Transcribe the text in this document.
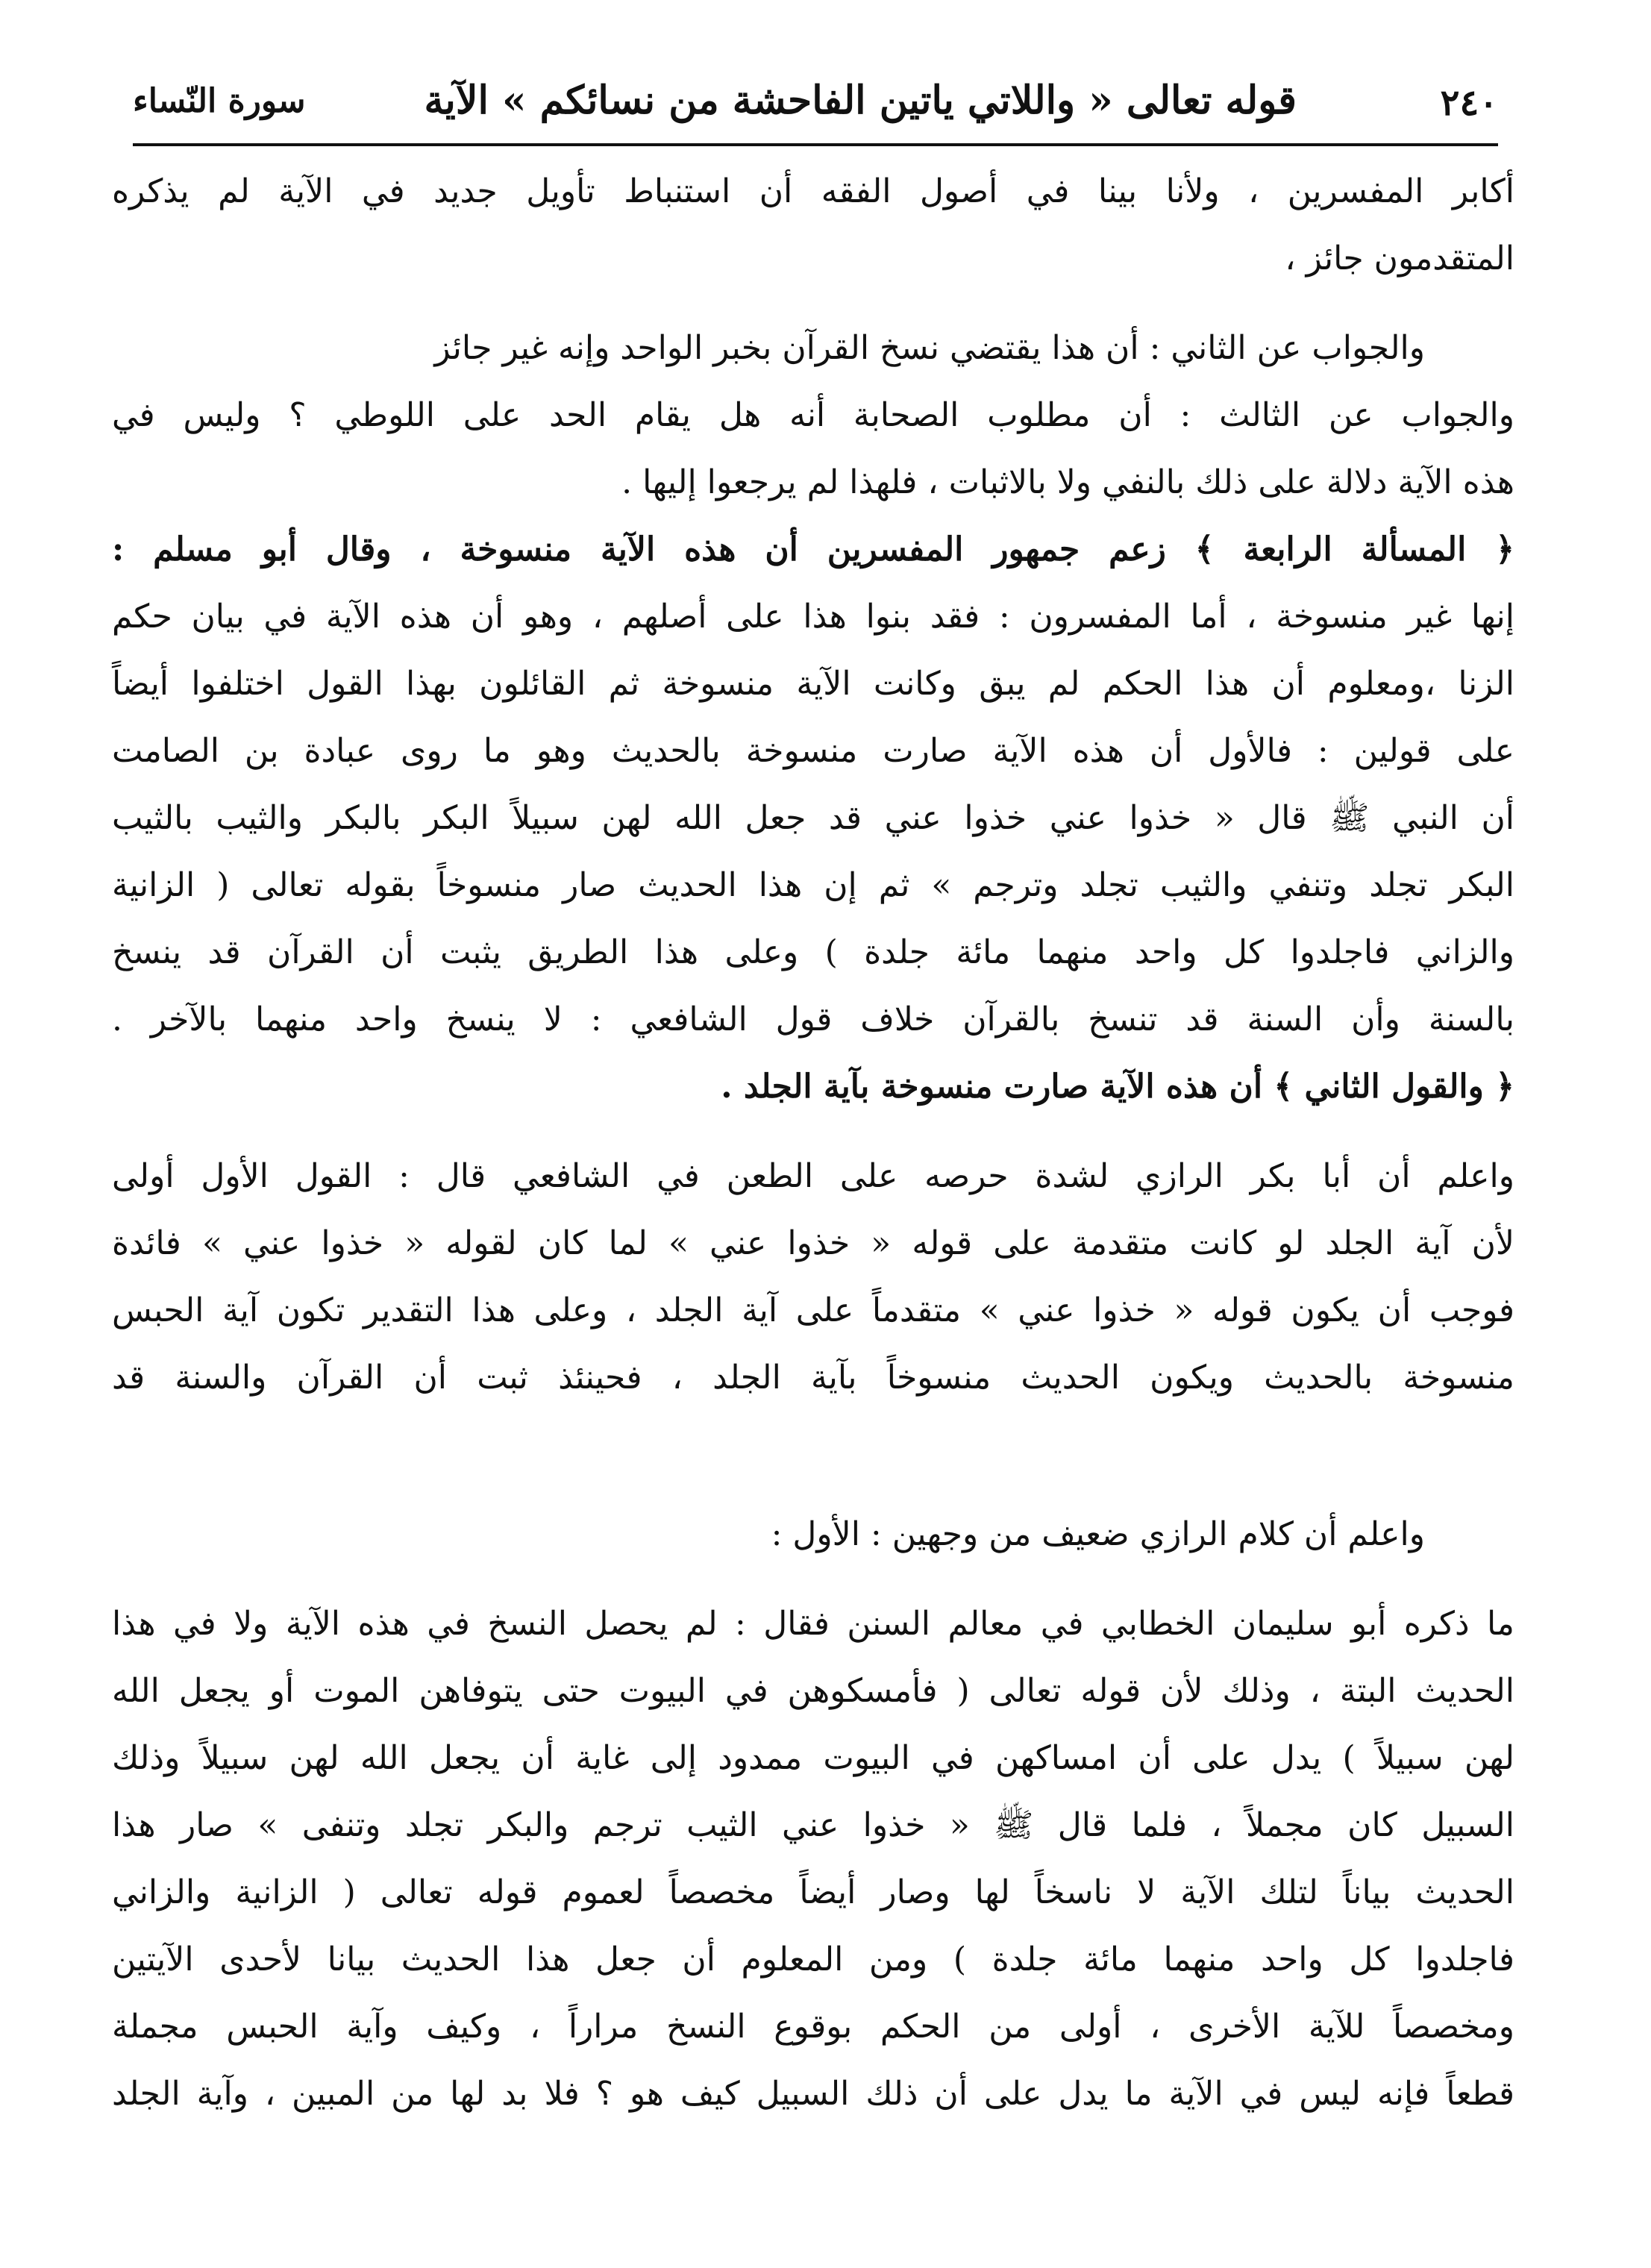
٢٤٠
قوله تعالى « واللاتي ياتين الفاحشة من نسائكم » الآية
سورة النّساء
أكابر المفسرين ، ولأنا بينا في أصول الفقه أن استنباط تأويل جديد في الآية لم يذكره
المتقدمون جائز ،
والجواب عن الثاني : أن هذا يقتضي نسخ القرآن بخبر الواحد وإنه غير جائز
والجواب عن الثالث : أن مطلوب الصحابة أنه هل يقام الحد على اللوطي ؟ وليس في
هذه الآية دلالة على ذلك بالنفي ولا بالاثبات ، فلهذا لم يرجعوا إليها .
﴿ المسألة الرابعة ﴾ زعم جمهور المفسرين أن هذه الآية منسوخة ، وقال أبو مسلم :
إنها غير منسوخة ، أما المفسرون : فقد بنوا هذا على أصلهم ، وهو أن هذه الآية في بيان حكم
الزنا ،ومعلوم أن هذا الحكم لم يبق وكانت الآية منسوخة ثم القائلون بهذا القول اختلفوا أيضاً
على قولين : فالأول أن هذه الآية صارت منسوخة بالحديث وهو ما روى عبادة بن الصامت
أن النبي ﷺ قال « خذوا عني خذوا عني قد جعل الله لهن سبيلاً البكر بالبكر والثيب بالثيب
البكر تجلد وتنفي والثيب تجلد وترجم » ثم إن هذا الحديث صار منسوخاً بقوله تعالى ( الزانية
والزاني فاجلدوا كل واحد منهما مائة جلدة ) وعلى هذا الطريق يثبت أن القرآن قد ينسخ
بالسنة وأن السنة قد تنسخ بالقرآن خلاف قول الشافعي : لا ينسخ واحد منهما بالآخر .
﴿ والقول الثاني ﴾ أن هذه الآية صارت منسوخة بآية الجلد .
واعلم أن أبا بكر الرازي لشدة حرصه على الطعن في الشافعي قال : القول الأول أولى
لأن آية الجلد لو كانت متقدمة على قوله « خذوا عني » لما كان لقوله « خذوا عني » فائدة
فوجب أن يكون قوله « خذوا عني » متقدماً على آية الجلد ، وعلى هذا التقدير تكون آية الحبس
منسوخة بالحديث ويكون الحديث منسوخاً بآية الجلد ، فحينئذ ثبت أن القرآن والسنة قد
واعلم أن كلام الرازي ضعيف من وجهين : الأول :
ما ذكره أبو سليمان الخطابي في معالم السنن فقال : لم يحصل النسخ في هذه الآية ولا في هذا
الحديث البتة ، وذلك لأن قوله تعالى ( فأمسكوهن في البيوت حتى يتوفاهن الموت أو يجعل الله
لهن سبيلاً ) يدل على أن امساكهن في البيوت ممدود إلى غاية أن يجعل الله لهن سبيلاً وذلك
السبيل كان مجملاً ، فلما قال ﷺ « خذوا عني الثيب ترجم والبكر تجلد وتنفى » صار هذا
الحديث بياناً لتلك الآية لا ناسخاً لها وصار أيضاً مخصصاً لعموم قوله تعالى ( الزانية والزاني
فاجلدوا كل واحد منهما مائة جلدة ) ومن المعلوم أن جعل هذا الحديث بيانا لأحدى الآيتين
ومخصصاً للآية الأخرى ، أولى من الحكم بوقوع النسخ مراراً ، وكيف وآية الحبس مجملة
قطعاً فإنه ليس في الآية ما يدل على أن ذلك السبيل كيف هو ؟ فلا بد لها من المبين ، وآية الجلد
